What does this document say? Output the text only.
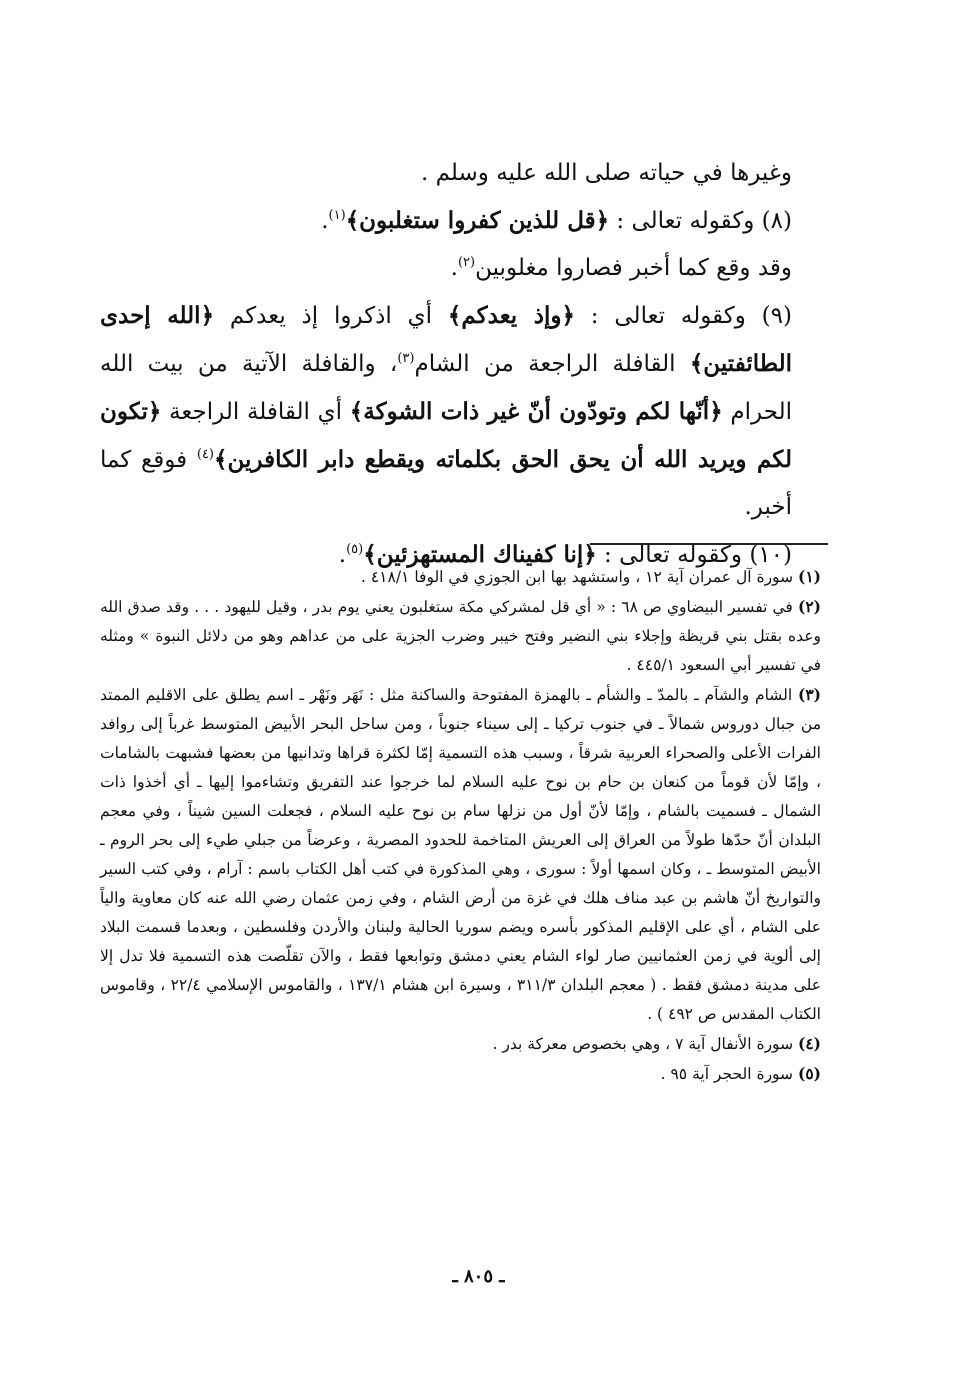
وغيرها في حياته صلى الله عليه وسلم .

(٨) وكقوله تعالى : ﴿قل للذين كفروا ستغلبون﴾$^{(١)}$.

وقد وقع كما أخبر فصاروا مغلوبين$^{(٢)}$.

(٩) وكقوله تعالى : ﴿وإذ يعدكم﴾ أي اذكروا إذ يعدكم ﴿الله إحدى الطائفتين﴾ القافلة الراجعة من الشام$^{(٣)}$، والقافلة الآتية من بيت الله الحرام ﴿أنّها لكم وتودّون أنّ غير ذات الشوكة﴾ أي القافلة الراجعة ﴿تكون لكم ويريد الله أن يحق الحق بكلماته ويقطع دابر الكافرين﴾$^{(٤)}$ فوقع كما أخبر.

(١٠) وكقوله تعالى : ﴿إنا كفيناك المستهزئين﴾$^{(٥)}$.

(١) سورة آل عمران آية ١٢ ، واستشهد بها ابن الجوزي في الوفا ٤١٨/١ .

(٢) في تفسير البيضاوي ص ٦٨ : « أي قل لمشركي مكة ستغلبون يعني يوم بدر ، وقيل لليهود . . . وقد صدق الله وعده بقتل بني قريظة وإجلاء بني النضير وفتح خيبر وضرب الجزية على من عداهم وهو من دلائل النبوة » ومثله في تفسير أبي السعود ٤٤٥/١ .

(٣) الشام والشآم ـ بالمدّ ـ والشأم ـ بالهمزة المفتوحة والساكنة مثل : نَهَر ونَهْر ـ اسم يطلق على الاقليم الممتد من جبال دوروس شمالاً ـ في جنوب تركيا ـ إلى سيناء جنوباً ، ومن ساحل البحر الأبيض المتوسط غرباً إلى روافد الفرات الأعلى والصحراء العربية شرقاً ، وسبب هذه التسمية إمّا لكثرة قراها وتدانيها من بعضها فشبهت بالشامات ، وإمّا لأن قوماً من كنعان بن حام بن نوح عليه السلام لما خرجوا عند التفريق وتشاءموا إليها ـ أي أخذوا ذات الشمال ـ فسميت بالشام ، وإمّا لأنّ أول من نزلها سام بن نوح عليه السلام ، فجعلت السين شيناً ، وفي معجم البلدان أنّ حدّها طولاً من العراق إلى العريش المتاخمة للحدود المصرية ، وعرضاً من جبلي طيء إلى بحر الروم ـ الأبيض المتوسط ـ ، وكان اسمها أولاً : سورى ، وهي المذكورة في كتب أهل الكتاب باسم : آرام ، وفي كتب السير والتواريخ أنّ هاشم بن عبد مناف هلك في غزة من أرض الشام ، وفي زمن عثمان رضي الله عنه كان معاوية والياً على الشام ، أي على الإقليم المذكور بأسره ويضم سوريا الحالية ولبنان والأردن وفلسطين ، وبعدما قسمت البلاد إلى ألوية في زمن العثمانيين صار لواء الشام يعني دمشق وتوابعها فقط ، والآن تقلّصت هذه التسمية فلا تدل إلا على مدينة دمشق فقط . ( معجم البلدان ٣١١/٣ ، وسيرة ابن هشام ١٣٧/١ ، والقاموس الإسلامي ٢٢/٤ ، وقاموس الكتاب المقدس ص ٤٩٢ ) .

(٤) سورة الأنفال آية ٧ ، وهي بخصوص معركة بدر .

(٥) سورة الحجر آية ٩٥ .

ـ ٨٠٥ ـ
